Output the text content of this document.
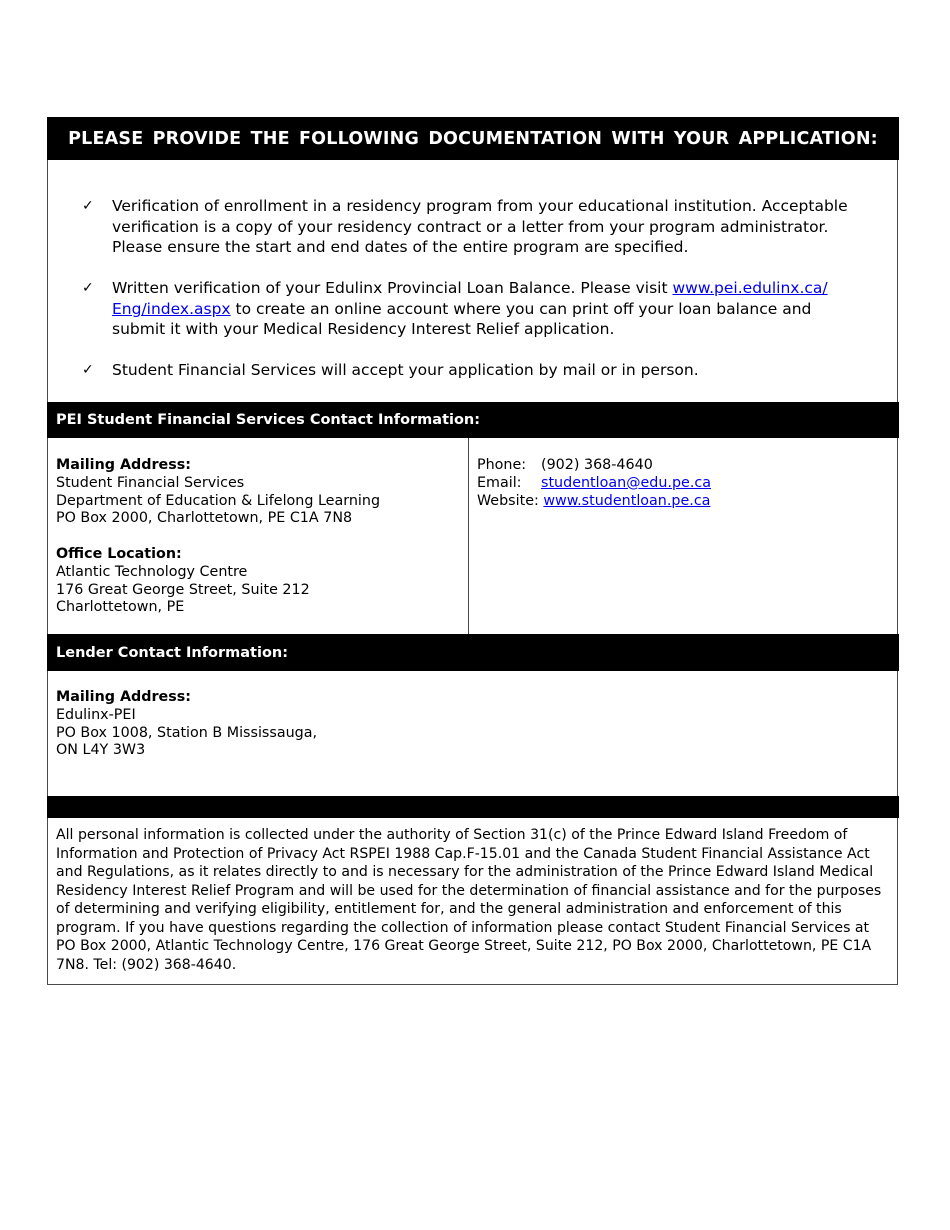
PLEASE PROVIDE THE FOLLOWING DOCUMENTATION WITH YOUR APPLICATION:
✓ Verification of enrollment in a residency program from your educational institution. Acceptable verification is a copy of your residency contract or a letter from your program administrator. Please ensure the start and end dates of the entire program are specified.
✓ Written verification of your Edulinx Provincial Loan Balance. Please visit www.pei.edulinx.ca/
Eng/index.aspx to create an online account where you can print off your loan balance and submit it with your Medical Residency Interest Relief application.
✓ Student Financial Services will accept your application by mail or in person.
PEI Student Financial Services Contact Information:
Mailing Address:
Student Financial Services
Department of Education & Lifelong Learning
PO Box 2000, Charlottetown, PE C1A 7N8
Office Location:
Atlantic Technology Centre
176 Great George Street, Suite 212
Charlottetown, PE
Phone:	(902) 368-4640
Email:	studentloan@edu.pe.ca
Website:
www.studentloan.pe.ca
Lender Contact Information:
Mailing Address:
Edulinx-PEI
PO Box 1008, Station B Mississauga,
ON L4Y 3W3
All personal information is collected under the authority of Section 31(c) of the Prince Edward Island Freedom of Information and Protection of Privacy Act RSPEI 1988 Cap.F-15.01 and the Canada Student Financial Assistance Act and Regulations, as it relates directly to and is necessary for the administration of the Prince Edward Island Medical Residency Interest Relief Program and will be used for the determination of financial assistance and for the purposes of determining and verifying eligibility, entitlement for, and the general administration and enforcement of this program. If you have questions regarding the collection of information please contact Student Financial Services at PO Box 2000, Atlantic Technology Centre, 176 Great George Street, Suite 212, PO Box 2000, Charlottetown, PE C1A 7N8. Tel: (902) 368-4640.
